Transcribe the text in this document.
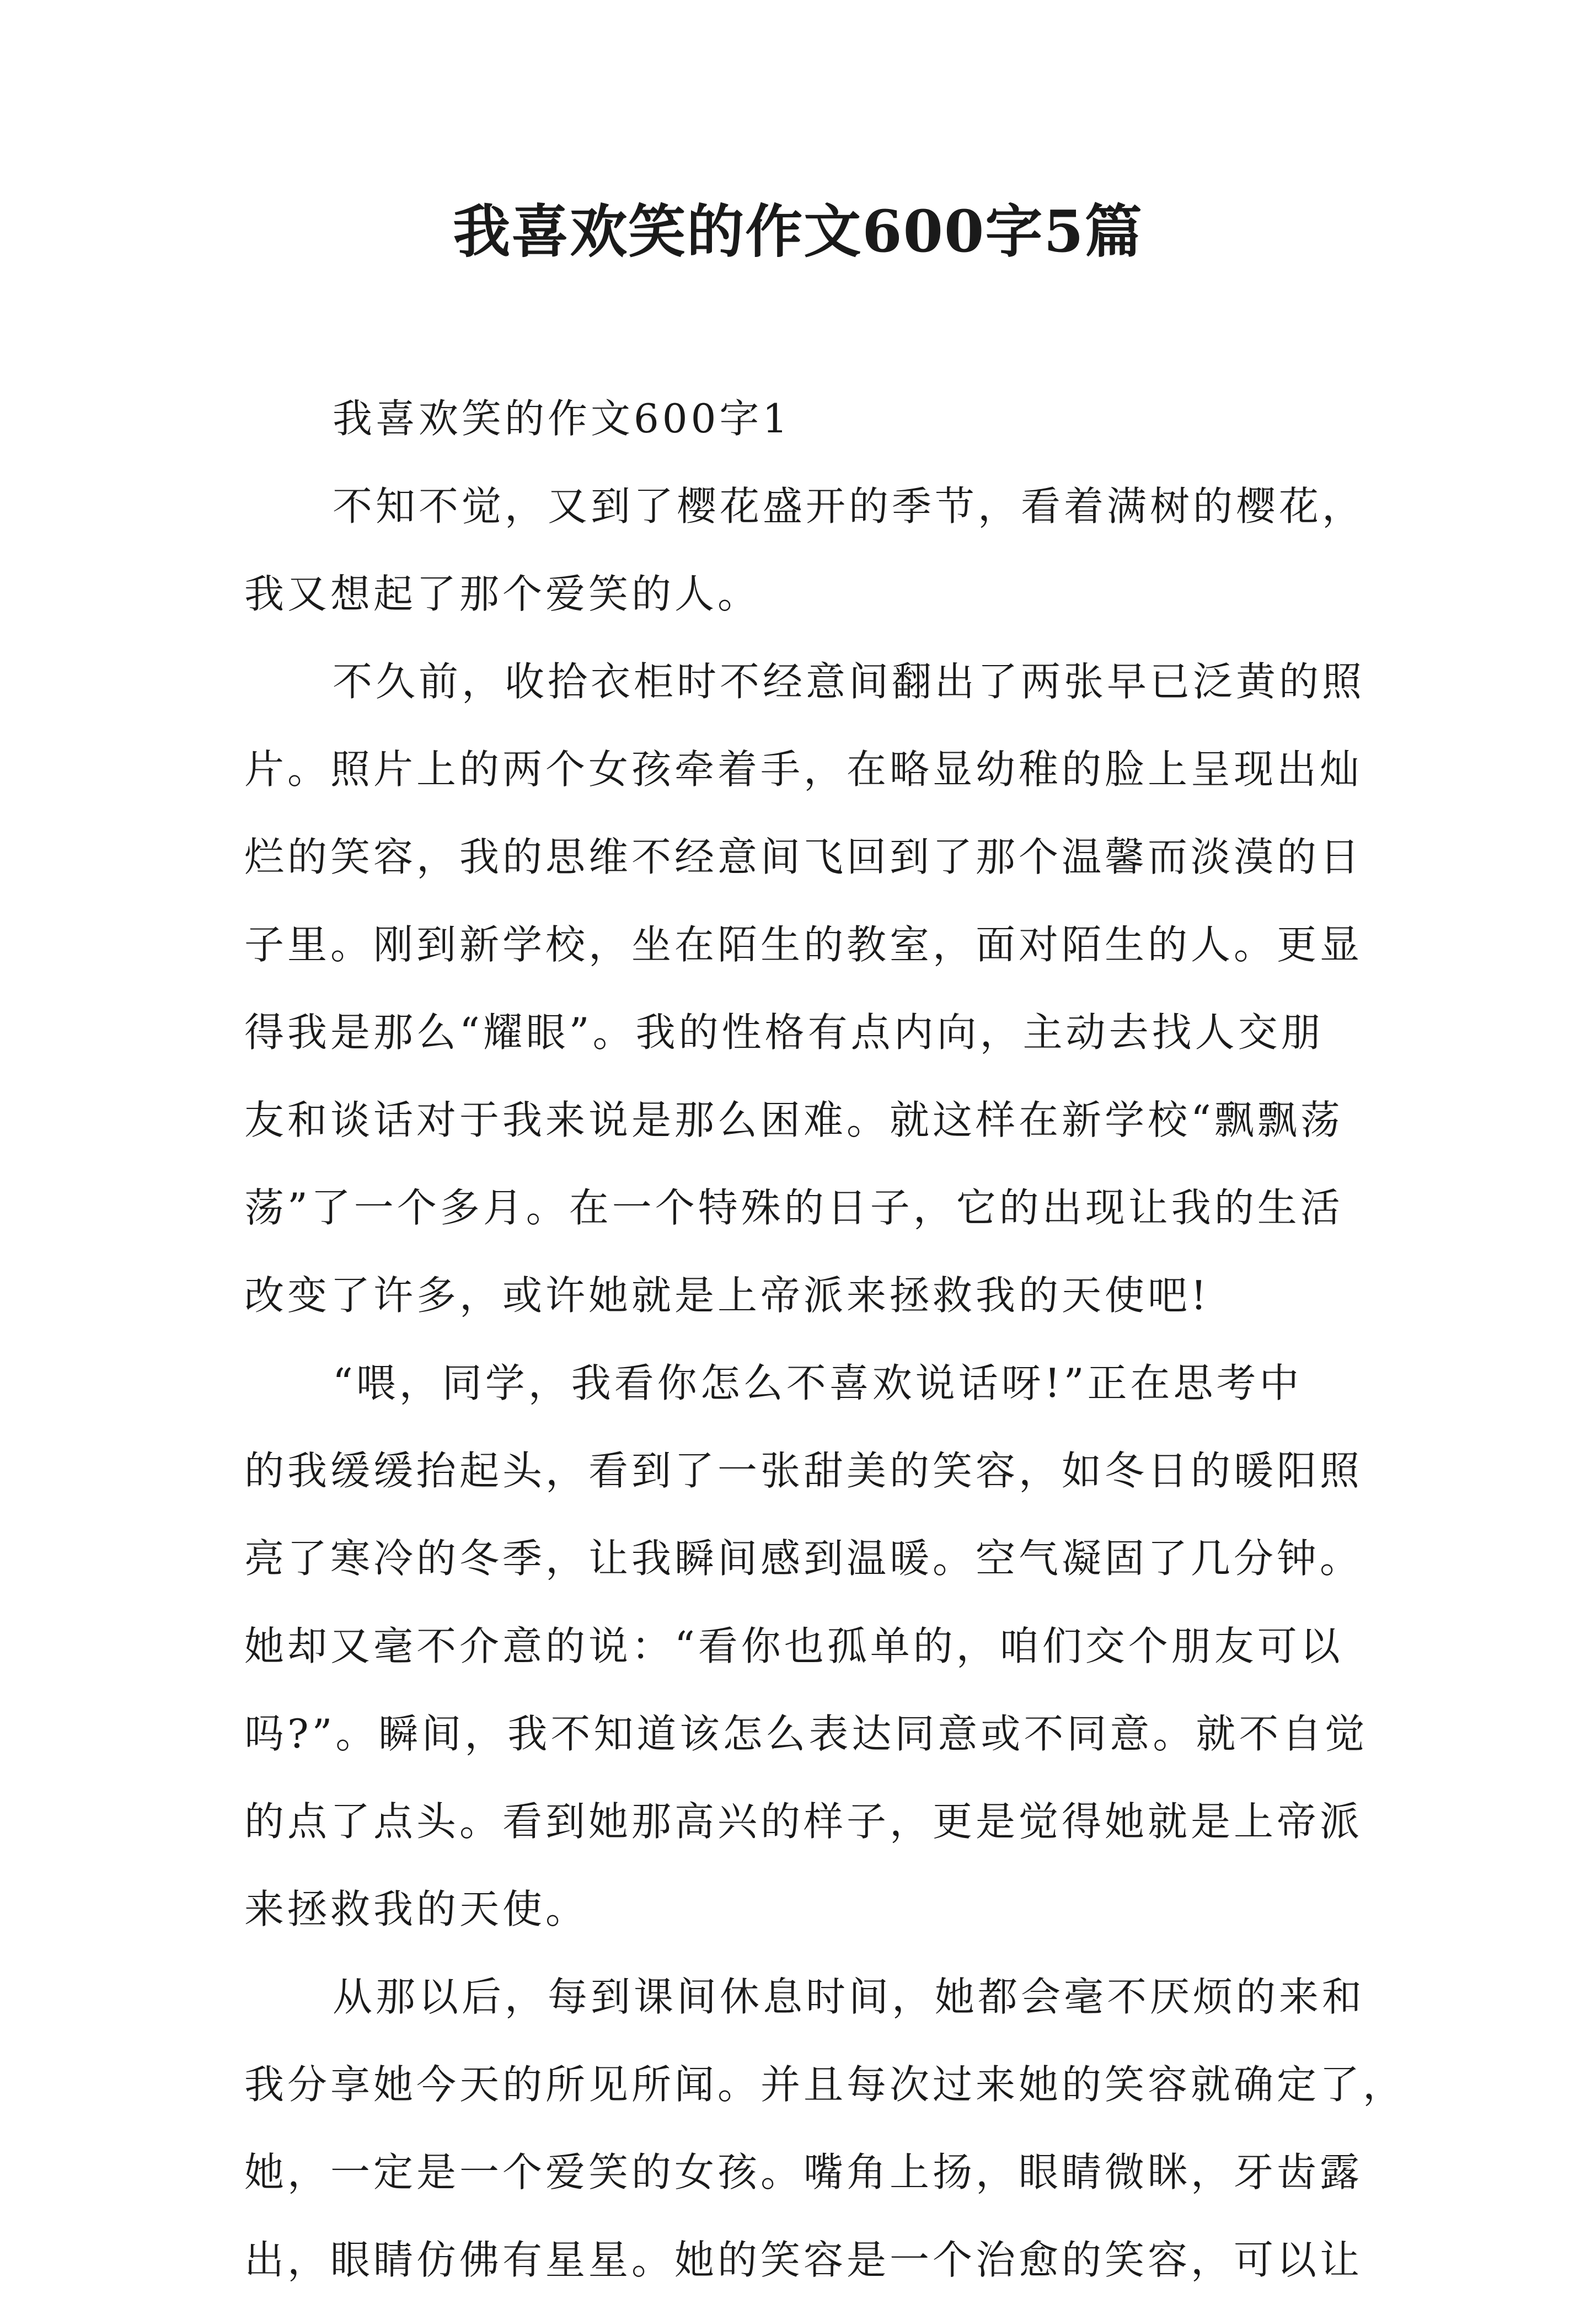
我喜欢笑的作文600字5篇
我喜欢笑的作文600字1
不知不觉，又到了樱花盛开的季节，看着满树的樱花，
我又想起了那个爱笑的人。
不久前，收拾衣柜时不经意间翻出了两张早已泛黄的照
片。照片上的两个女孩牵着手，在略显幼稚的脸上呈现出灿
烂的笑容，我的思维不经意间飞回到了那个温馨而淡漠的日
子里。刚到新学校，坐在陌生的教室，面对陌生的人。更显
得我是那么“耀眼”。我的性格有点内向，主动去找人交朋
友和谈话对于我来说是那么困难。就这样在新学校“飘飘荡
荡”了一个多月。在一个特殊的日子，它的出现让我的生活
改变了许多，或许她就是上帝派来拯救我的天使吧!
“喂，同学，我看你怎么不喜欢说话呀!”正在思考中
的我缓缓抬起头，看到了一张甜美的笑容，如冬日的暖阳照
亮了寒冷的冬季，让我瞬间感到温暖。空气凝固了几分钟。
她却又毫不介意的说：“看你也孤单的，咱们交个朋友可以
吗?”。瞬间，我不知道该怎么表达同意或不同意。就不自觉
的点了点头。看到她那高兴的样子，更是觉得她就是上帝派
来拯救我的天使。
从那以后，每到课间休息时间，她都会毫不厌烦的来和
我分享她今天的所见所闻。并且每次过来她的笑容就确定了，
她，一定是一个爱笑的女孩。嘴角上扬，眼睛微眯，牙齿露
出，眼睛仿佛有星星。她的笑容是一个治愈的笑容，可以让
